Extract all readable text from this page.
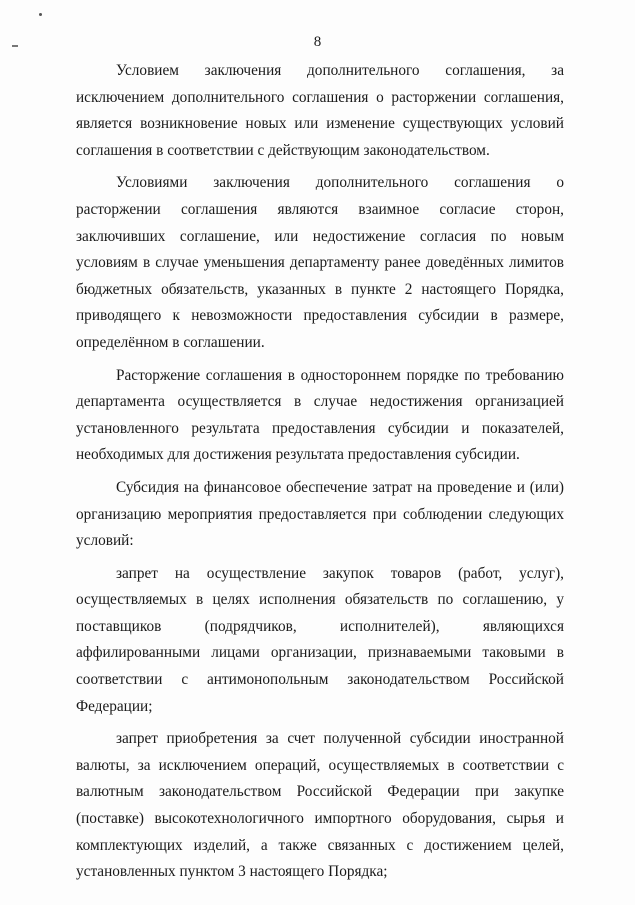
8

Условием заключения дополнительного соглашения, за исключением дополнительного соглашения о расторжении соглашения, является возникновение новых или изменение существующих условий соглашения в соответствии с действующим законодательством.

Условиями заключения дополнительного соглашения о расторжении соглашения являются взаимное согласие сторон, заключивших соглашение, или недостижение согласия по новым условиям в случае уменьшения департаменту ранее доведённых лимитов бюджетных обязательств, указанных в пункте 2 настоящего Порядка, приводящего к невозможности предоставления субсидии в размере, определённом в соглашении.

Расторжение соглашения в одностороннем порядке по требованию департамента осуществляется в случае недостижения организацией установленного результата предоставления субсидии и показателей, необходимых для достижения результата предоставления субсидии.

Субсидия на финансовое обеспечение затрат на проведение и (или) организацию мероприятия предоставляется при соблюдении следующих условий:

запрет на осуществление закупок товаров (работ, услуг), осуществляемых в целях исполнения обязательств по соглашению, у поставщиков (подрядчиков, исполнителей), являющихся аффилированными лицами организации, признаваемыми таковыми в соответствии с антимонопольным законодательством Российской Федерации;

запрет приобретения за счет полученной субсидии иностранной валюты, за исключением операций, осуществляемых в соответствии с валютным законодательством Российской Федерации при закупке (поставке) высокотехнологичного импортного оборудования, сырья и комплектующих изделий, а также связанных с достижением целей, установленных пунктом 3 настоящего Порядка;
